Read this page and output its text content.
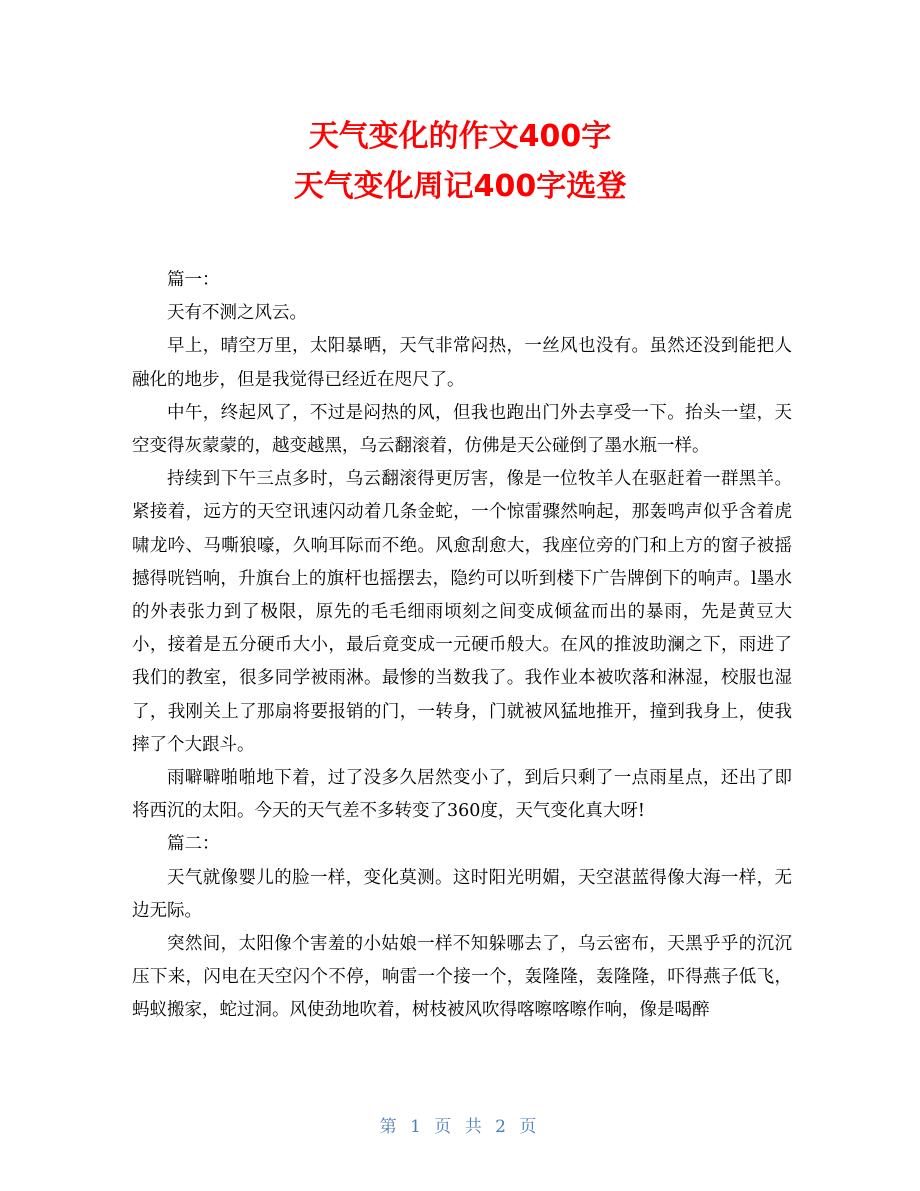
天气变化的作文400字
天气变化周记400字选登

篇一：

天有不测之风云。

早上，晴空万里，太阳暴晒，天气非常闷热，一丝风也没有。虽然还没到能把人融化的地步，但是我觉得已经近在咫尺了。

中午，终起风了，不过是闷热的风，但我也跑出门外去享受一下。抬头一望，天空变得灰蒙蒙的，越变越黑，乌云翻滚着，仿佛是天公碰倒了墨水瓶一样。

持续到下午三点多时，乌云翻滚得更厉害，像是一位牧羊人在驱赶着一群黑羊。紧接着，远方的天空讯速闪动着几条金蛇，一个惊雷骤然响起，那轰鸣声似乎含着虎啸龙吟、马嘶狼嚎，久响耳际而不绝。风愈刮愈大，我座位旁的门和上方的窗子被摇撼得咣铛响，升旗台上的旗杆也摇摆去，隐约可以听到楼下广告牌倒下的响声。l墨水的外表张力到了极限，原先的毛毛细雨顷刻之间变成倾盆而出的暴雨，先是黄豆大小，接着是五分硬币大小，最后竟变成一元硬币般大。在风的推波助澜之下，雨进了我们的教室，很多同学被雨淋。最惨的当数我了。我作业本被吹落和淋湿，校服也湿了，我刚关上了那扇将要报销的门，一转身，门就被风猛地推开，撞到我身上，使我摔了个大跟斗。

雨噼噼啪啪地下着，过了没多久居然变小了，到后只剩了一点雨星点，还出了即将西沉的太阳。今天的天气差不多转变了360度，天气变化真大呀!

篇二：

天气就像婴儿的脸一样，变化莫测。这时阳光明媚，天空湛蓝得像大海一样，无边无际。

突然间，太阳像个害羞的小姑娘一样不知躲哪去了，乌云密布，天黑乎乎的沉沉压下来，闪电在天空闪个不停，响雷一个接一个，轰隆隆，轰隆隆，吓得燕子低飞，蚂蚁搬家，蛇过洞。风使劲地吹着，树枝被风吹得喀嚓喀嚓作响，像是喝醉

第 1 页 共 2 页
